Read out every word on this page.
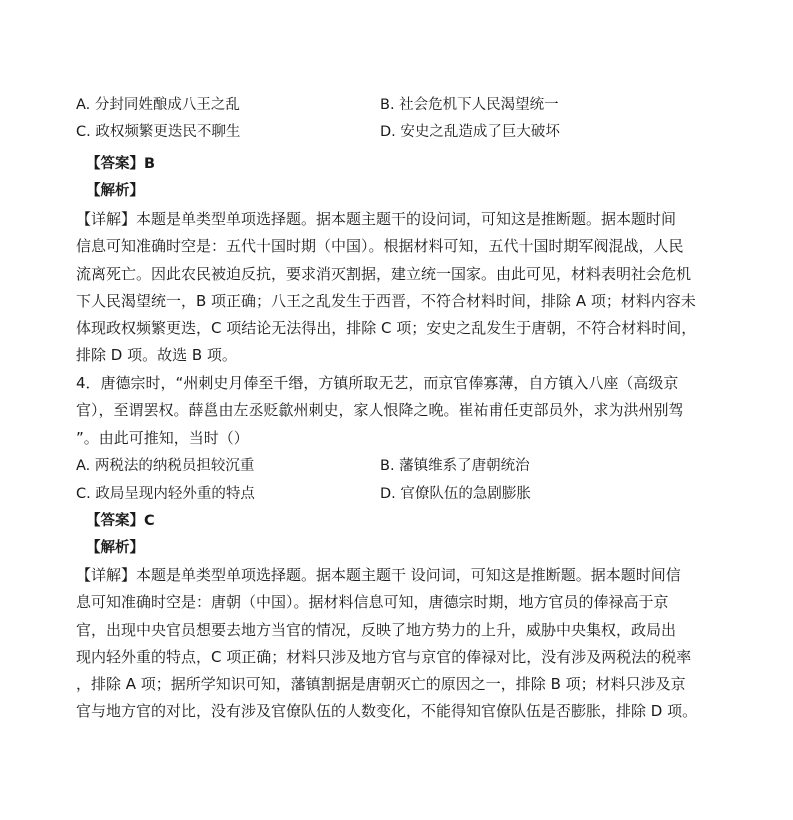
A. 分封同姓酿成八王之乱	B. 社会危机下人民渴望统一
C. 政权频繁更迭民不聊生	D. 安史之乱造成了巨大破坏
【答案】B
【解析】

【详解】本题是单类型单项选择题。据本题主题干的设问词，可知这是推断题。据本题时间

信息可知准确时空是：五代十国时期（中国）。根据材料可知，五代十国时期军阀混战，人民

流离死亡。因此农民被迫反抗，要求消灭割据，建立统一国家。由此可见，材料表明社会危机

下人民渴望统一，B 项正确；八王之乱发生于西晋，不符合材料时间，排除 A 项；材料内容未

体现政权频繁更迭，C 项结论无法得出，排除 C 项；安史之乱发生于唐朝，不符合材料时间，

排除 D 项。故选 B 项。

4．唐德宗时，“州刺史月俸至千缗，方镇所取无艺，而京官俸寡薄，自方镇入八座（高级京

官），至谓罢权。薛邕由左丞贬歙州刺史，家人恨降之晚。崔祐甫任吏部员外，求为洪州别驾

”。由此可推知，当时（）

A. 两税法的纳税员担较沉重	B. 藩镇维系了唐朝统治
C. 政局呈现内轻外重的特点	D. 官僚队伍的急剧膨胀
【答案】C
【解析】

【详解】本题是单类型单项选择题。据本题主题干 设问词，可知这是推断题。据本题时间信

息可知准确时空是：唐朝（中国）。据材料信息可知，唐德宗时期，地方官员的俸禄高于京

官，出现中央官员想要去地方当官的情况，反映了地方势力的上升，威胁中央集权，政局出

现内轻外重的特点，C 项正确；材料只涉及地方官与京官的俸禄对比，没有涉及两税法的税率

，排除 A 项；据所学知识可知，藩镇割据是唐朝灭亡的原因之一，排除 B 项；材料只涉及京

官与地方官的对比，没有涉及官僚队伍的人数变化，不能得知官僚队伍是否膨胀，排除 D 项。
